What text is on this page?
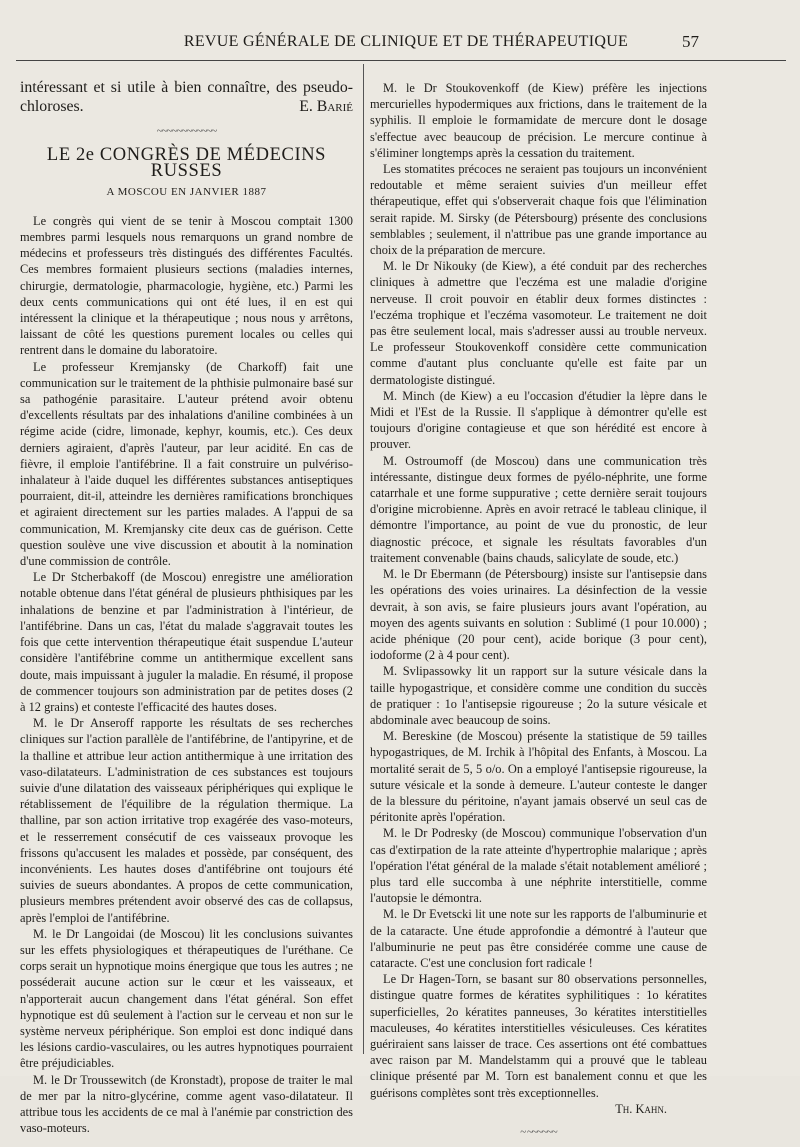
REVUE GÉNÉRALE DE CLINIQUE ET DE THÉRAPEUTIQUE	57

intéressant et si utile à bien connaître, des pseudo-chloroses.	E. Barié

~~~~~~~~~~~~
LE 2e CONGRÈS DE MÉDECINS RUSSES
A MOSCOU EN JANVIER 1887

Le congrès qui vient de se tenir à Moscou comptait 1300 membres parmi lesquels nous remarquons un grand nombre de médecins et professeurs très distingués des différentes Facultés. Ces membres formaient plusieurs sections (maladies internes, chirurgie, dermatologie, pharmacologie, hygiène, etc.) Parmi les deux cents communications qui ont été lues, il en est qui intéressent la clinique et la thérapeutique ; nous nous y arrêtons, laissant de côté les questions purement locales ou celles qui rentrent dans le domaine du laboratoire.

Le professeur Kremjansky (de Charkoff) fait une communication sur le traitement de la phthisie pulmonaire basé sur sa pathogénie parasitaire. L'auteur prétend avoir obtenu d'excellents résultats par des inhalations d'aniline combinées à un régime acide (cidre, limonade, kephyr, koumis, etc.). Ces deux derniers agiraient, d'après l'auteur, par leur acidité. En cas de fièvre, il emploie l'antifébrine. Il a fait construire un pulvériso-inhalateur à l'aide duquel les différentes substances antiseptiques pourraient, dit-il, atteindre les dernières ramifications bronchiques et agiraient directement sur les parties malades. A l'appui de sa communication, M. Kremjansky cite deux cas de guérison. Cette question soulève une vive discussion et aboutit à la nomination d'une commission de contrôle.

Le Dr Stcherbakoff (de Moscou) enregistre une amélioration notable obtenue dans l'état général de plusieurs phthisiques par les inhalations de benzine et par l'administration à l'intérieur, de l'antifébrine. Dans un cas, l'état du malade s'aggravait toutes les fois que cette intervention thérapeutique était suspendue L'auteur considère l'antifébrine comme un antithermique excellent sans doute, mais impuissant à juguler la maladie. En résumé, il propose de commencer toujours son administration par de petites doses (2 à 12 grains) et conteste l'efficacité des hautes doses.

M. le Dr Anseroff rapporte les résultats de ses recherches cliniques sur l'action parallèle de l'antifébrine, de l'antipyrine, et de la thalline et attribue leur action antithermique à une irritation des vaso-dilatateurs. L'administration de ces substances est toujours suivie d'une dilatation des vaisseaux périphériques qui explique le rétablissement de l'équilibre de la régulation thermique. La thalline, par son action irritative trop exagérée des vaso-moteurs, et le resserrement consécutif de ces vaisseaux provoque les frissons qu'accusent les malades et possède, par conséquent, des inconvénients. Les hautes doses d'antifébrine ont toujours été suivies de sueurs abondantes. A propos de cette communication, plusieurs membres prétendent avoir observé des cas de collapsus, après l'emploi de l'antifébrine.

M. le Dr Langoidai (de Moscou) lit les conclusions suivantes sur les effets physiologiques et thérapeutiques de l'uréthane. Ce corps serait un hypnotique moins énergique que tous les autres ; ne posséderait aucune action sur le cœur et les vaisseaux, et n'apporterait aucun changement dans l'état général. Son effet hypnotique est dû seulement à l'action sur le cerveau et non sur le système nerveux périphérique. Son emploi est donc indiqué dans les lésions cardio-vasculaires, ou les autres hypnotiques pourraient être préjudiciables.

M. le Dr Troussewitch (de Kronstadt), propose de traiter le mal de mer par la nitro-glycérine, comme agent vaso-dilatateur. Il attribue tous les accidents de ce mal à l'anémie par constriction des vaso-moteurs.

M. le Dr Stoukovenkoff (de Kiew) préfère les injections mercurielles hypodermiques aux frictions, dans le traitement de la syphilis. Il emploie le formamidate de mercure dont le dosage s'effectue avec beaucoup de précision. Le mercure continue à s'éliminer longtemps après la cessation du traitement.

Les stomatites précoces ne seraient pas toujours un inconvénient redoutable et même seraient suivies d'un meilleur effet thérapeutique, effet qui s'observerait chaque fois que l'élimination serait rapide. M. Sirsky (de Pétersbourg) présente des conclusions semblables ; seulement, il n'attribue pas une grande importance au choix de la préparation de mercure.

M. le Dr Nikouky (de Kiew), a été conduit par des recherches cliniques à admettre que l'eczéma est une maladie d'origine nerveuse. Il croit pouvoir en établir deux formes distinctes : l'eczéma trophique et l'eczéma vasomoteur. Le traitement ne doit pas être seulement local, mais s'adresser aussi au trouble nerveux. Le professeur Stoukovenkoff considère cette communication comme d'autant plus concluante qu'elle est faite par un dermatologiste distingué.

M. Minch (de Kiew) a eu l'occasion d'étudier la lèpre dans le Midi et l'Est de la Russie. Il s'applique à démontrer qu'elle est toujours d'origine contagieuse et que son hérédité est encore à prouver.

M. Ostroumoff (de Moscou) dans une communication très intéressante, distingue deux formes de pyélo-néphrite, une forme catarrhale et une forme suppurative ; cette dernière serait toujours d'origine microbienne. Après en avoir retracé le tableau clinique, il démontre l'importance, au point de vue du pronostic, de leur diagnostic précoce, et signale les résultats favorables d'un traitement convenable (bains chauds, salicylate de soude, etc.)

M. le Dr Ebermann (de Pétersbourg) insiste sur l'antisepsie dans les opérations des voies urinaires. La désinfection de la vessie devrait, à son avis, se faire plusieurs jours avant l'opération, au moyen des agents suivants en solution : Sublimé (1 pour 10.000) ; acide phénique (20 pour cent), acide borique (3 pour cent), iodoforme (2 à 4 pour cent).

M. Svlipassowky lit un rapport sur la suture vésicale dans la taille hypogastrique, et considère comme une condition du succès de pratiquer : 1o l'antisepsie rigoureuse ; 2o la suture vésicale et abdominale avec beaucoup de soins.

M. Bereskine (de Moscou) présente la statistique de 59 tailles hypogastriques, de M. Irchik à l'hôpital des Enfants, à Moscou. La mortalité serait de 5, 5 o/o. On a employé l'antisepsie rigoureuse, la suture vésicale et la sonde à demeure. L'auteur conteste le danger de la blessure du péritoine, n'ayant jamais observé un seul cas de péritonite après l'opération.

M. le Dr Podresky (de Moscou) communique l'observation d'un cas d'extirpation de la rate atteinte d'hypertrophie malarique ; après l'opération l'état général de la malade s'était notablement amélioré ; plus tard elle succomba à une néphrite interstitielle, comme l'autopsie le démontra.

M. le Dr Evetscki lit une note sur les rapports de l'albuminurie et de la cataracte. Une étude approfondie a démontré à l'auteur que l'albuminurie ne peut pas être considérée comme une cause de cataracte. C'est une conclusion fort radicale !

Le Dr Hagen-Torn, se basant sur 80 observations personnelles, distingue quatre formes de kératites syphilitiques : 1o kératites superficielles, 2o kératites panneuses, 3o kératites interstitielles maculeuses, 4o kératites interstitielles vésiculeuses. Ces kératites guériraient sans laisser de trace. Ces assertions ont été combattues avec raison par M. Mandelstamm qui a prouvé que le tableau clinique présenté par M. Torn est banalement connu et que les guérisons complètes sont très exceptionnelles.

Th. Kahn.

~ ~~~~~~
